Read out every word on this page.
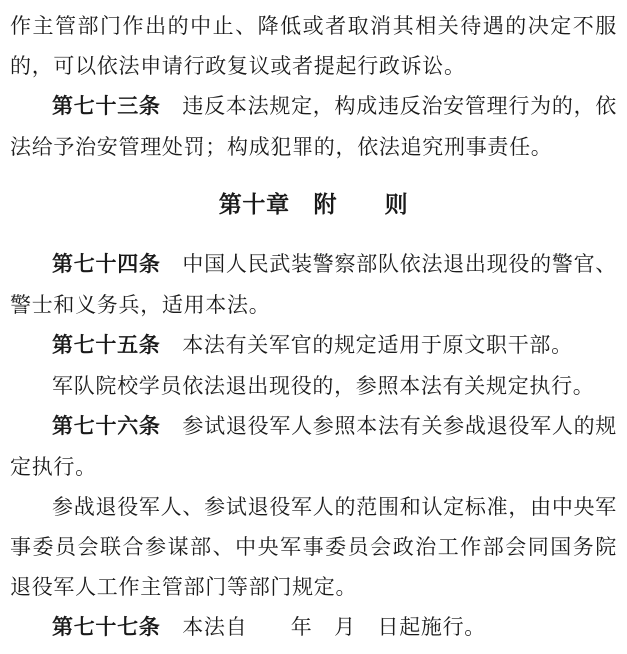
作主管部门作出的中止、降低或者取消其相关待遇的决定不服的，可以依法申请行政复议或者提起行政诉讼。

第七十三条　 违反本法规定，构成违反治安管理行为的，依法给予治安管理处罚；构成犯罪的，依法追究刑事责任。

第十章　附　　则

第七十四条　 中国人民武装警察部队依法退出现役的警官、警士和义务兵，适用本法。

第七十五条　 本法有关军官的规定适用于原文职干部。

军队院校学员依法退出现役的，参照本法有关规定执行。

第七十六条　 参试退役军人参照本法有关参战退役军人的规定执行。

参战退役军人、参试退役军人的范围和认定标准，由中央军事委员会联合参谋部、中央军事委员会政治工作部会同国务院退役军人工作主管部门等部门规定。

第七十七条　 本法自　　年　月　日起施行。
